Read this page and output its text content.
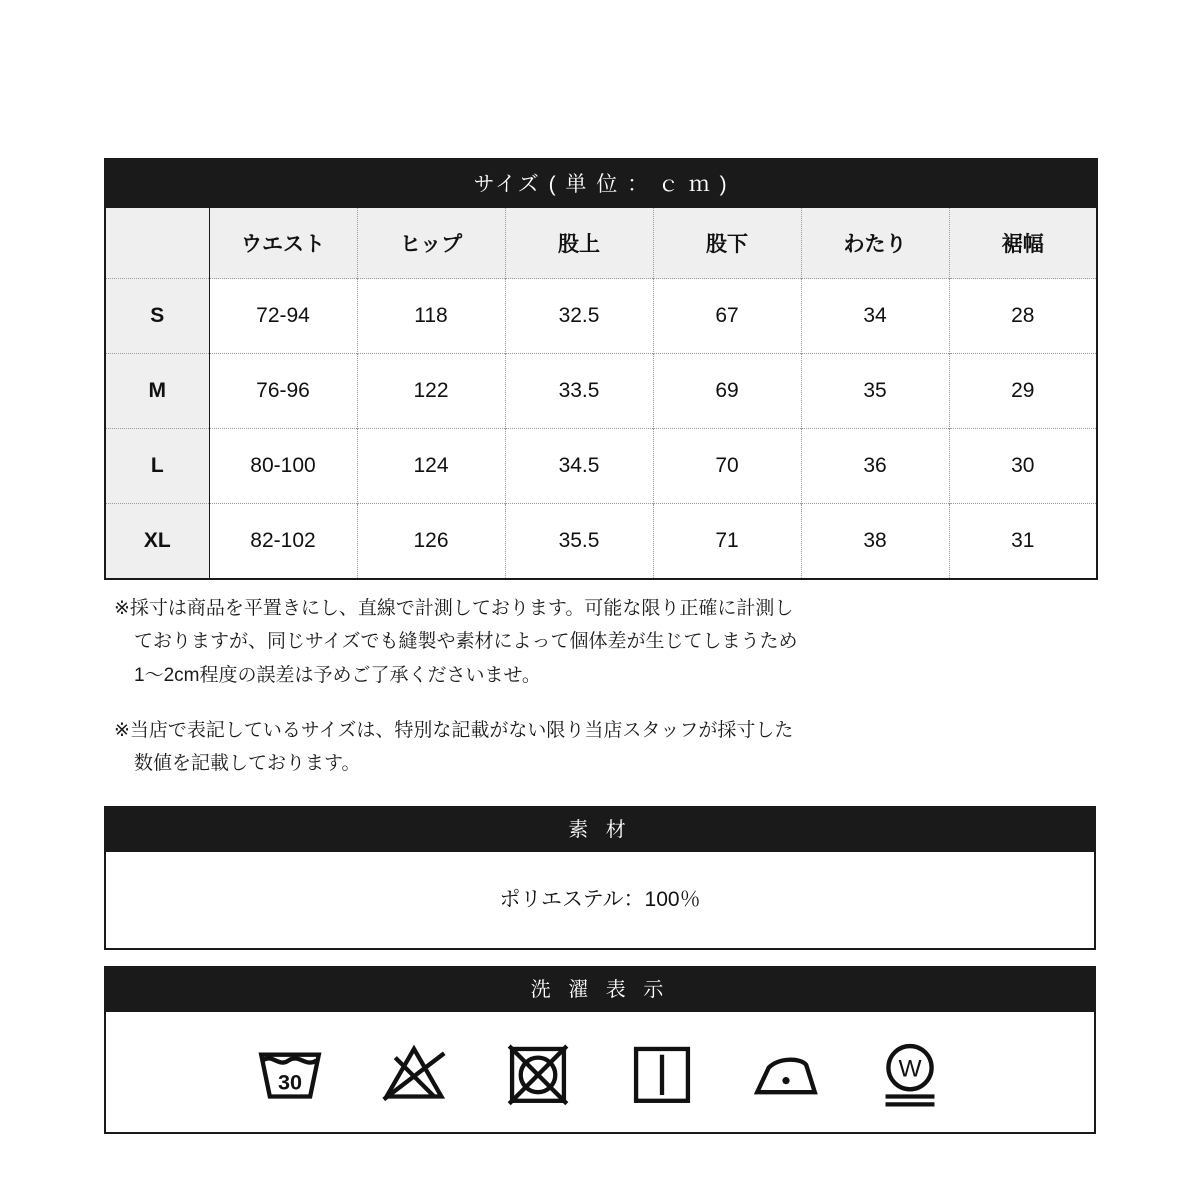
サイズ ( 単 位 ： ｃ ｍ )						
	ウエスト	ヒップ	股上	股下	わたり	裾幅
S	72-94	118	32.5	67	34	28
M	76-96	122	33.5	69	35	29
L	80-100	124	34.5	70	36	30
XL	82-102	126	35.5	71	38	31

※採寸は商品を平置きにし、直線で計測しております。可能な限り正確に計測し
ておりますが、同じサイズでも縫製や素材によって個体差が生じてしまうため
1〜2cm程度の誤差は予めご了承くださいませ。

※当店で表記しているサイズは、特別な記載がない限り当店スタッフが採寸した
数値を記載しております。

素 材
ポリエステル：100％
洗 濯 表 示
30	W
